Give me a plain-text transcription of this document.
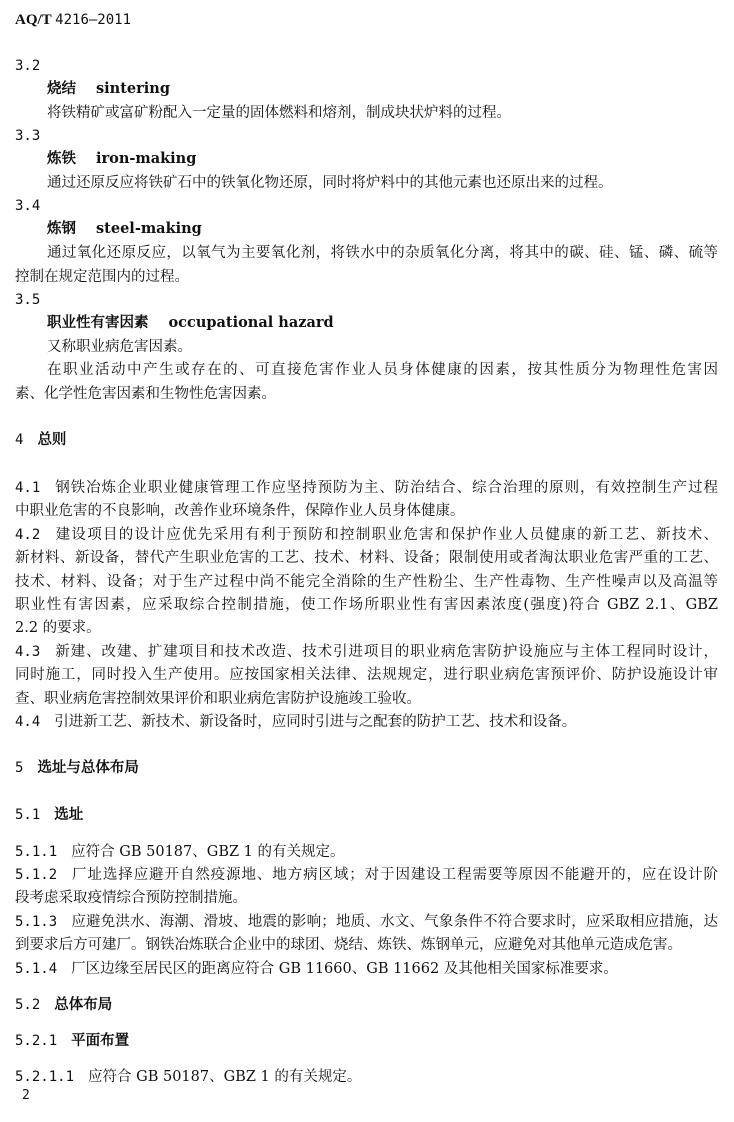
AQ/T 4216—2011
3.2
烧结 sintering
将铁精矿或富矿粉配入一定量的固体燃料和熔剂，制成块状炉料的过程。
3.3
炼铁 iron-making
通过还原反应将铁矿石中的铁氧化物还原，同时将炉料中的其他元素也还原出来的过程。
3.4
炼钢 steel-making
通过氧化还原反应，以氧气为主要氧化剂，将铁水中的杂质氧化分离，将其中的碳、硅、锰、磷、硫等
控制在规定范围内的过程。
3.5
职业性有害因素 occupational hazard
又称职业病危害因素。
在职业活动中产生或存在的、可直接危害作业人员身体健康的因素，按其性质分为物理性危害因
素、化学性危害因素和生物性危害因素。
4 总则
4.1 钢铁冶炼企业职业健康管理工作应坚持预防为主、防治结合、综合治理的原则，有效控制生产过程
中职业危害的不良影响，改善作业环境条件，保障作业人员身体健康。
4.2 建设项目的设计应优先采用有利于预防和控制职业危害和保护作业人员健康的新工艺、新技术、
新材料、新设备，替代产生职业危害的工艺、技术、材料、设备；限制使用或者淘汰职业危害严重的工艺、
技术、材料、设备；对于生产过程中尚不能完全消除的生产性粉尘、生产性毒物、生产性噪声以及高温等
职业性有害因素，应采取综合控制措施，使工作场所职业性有害因素浓度(强度)符合 GBZ 2.1、GBZ
2.2 的要求。
4.3 新建、改建、扩建项目和技术改造、技术引进项目的职业病危害防护设施应与主体工程同时设计，
同时施工，同时投入生产使用。应按国家相关法律、法规规定，进行职业病危害预评价、防护设施设计审
查、职业病危害控制效果评价和职业病危害防护设施竣工验收。
4.4 引进新工艺、新技术、新设备时，应同时引进与之配套的防护工艺、技术和设备。
5 选址与总体布局
5.1 选址
5.1.1 应符合 GB 50187、GBZ 1 的有关规定。
5.1.2 厂址选择应避开自然疫源地、地方病区域；对于因建设工程需要等原因不能避开的，应在设计阶
段考虑采取疫情综合预防控制措施。
5.1.3 应避免洪水、海潮、滑坡、地震的影响；地质、水文、气象条件不符合要求时，应采取相应措施，达
到要求后方可建厂。钢铁冶炼联合企业中的球团、烧结、炼铁、炼钢单元，应避免对其他单元造成危害。
5.1.4 厂区边缘至居民区的距离应符合 GB 11660、GB 11662 及其他相关国家标准要求。
5.2 总体布局
5.2.1 平面布置
5.2.1.1 应符合 GB 50187、GBZ 1 的有关规定。
2
